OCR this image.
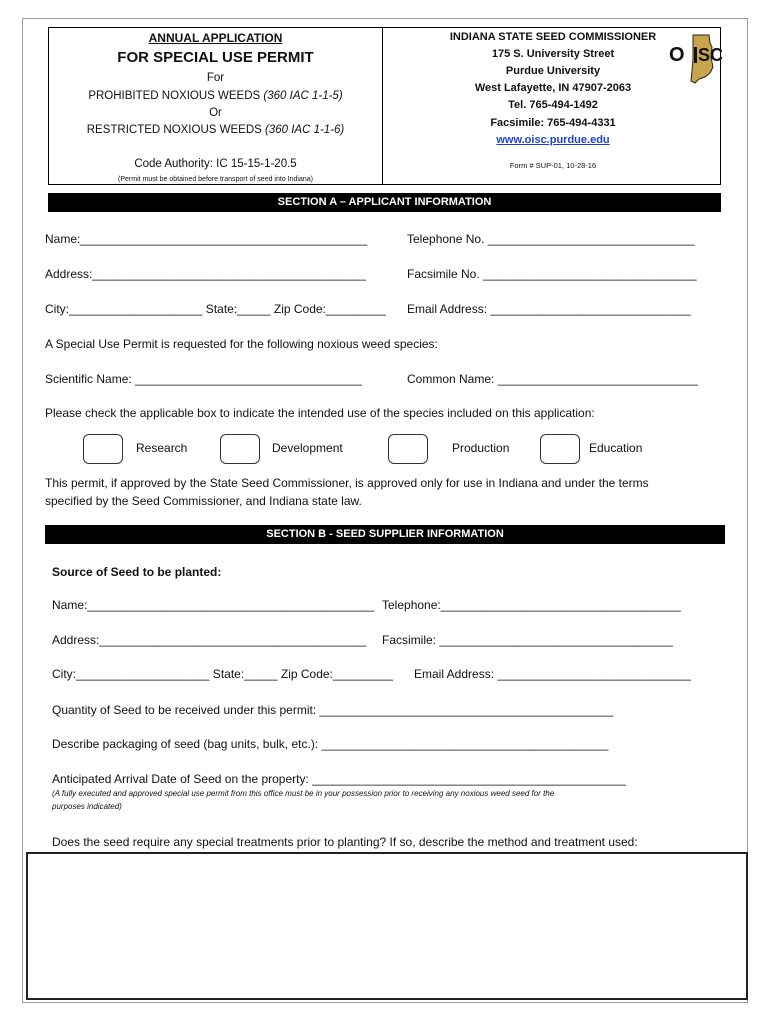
ANNUAL APPLICATION
FOR SPECIAL USE PERMIT
For
PROHIBITED NOXIOUS WEEDS (360 IAC 1-1-5)
Or
RESTRICTED NOXIOUS WEEDS (360 IAC 1-1-6)
Code Authority: IC 15-15-1-20.5
(Permit must be obtained before transport of seed into Indiana)
INDIANA STATE SEED COMMISSIONER
175 S. University Street
Purdue University
West Lafayette, IN 47907-2063
Tel. 765-494-1492
Facsimile: 765-494-4331
www.oisc.purdue.edu
Form # SUP-01, 10-28-16
O SC
SECTION A – APPLICANT INFORMATION
Name:___________________________________________	Telephone No. _______________________________
Address:_________________________________________	Facsimile No. ________________________________
City:____________________ State:_____ Zip Code:_________ Email Address: ______________________________
A Special Use Permit is requested for the following noxious weed species:
Scientific Name: __________________________________	Common Name: ______________________________
Please check the applicable box to indicate the intended use of the species included on this application:
Research	Development	Production	Education
This permit, if approved by the State Seed Commissioner, is approved only for use in Indiana and under the terms
specified by the Seed Commissioner, and Indiana state law.
SECTION B - SEED SUPPLIER INFORMATION
Source of Seed to be planted:
Name:___________________________________________ Telephone:____________________________________
Address:________________________________________ Facsimile: ___________________________________
City:____________________ State:_____ Zip Code:_________ Email Address: _____________________________
Quantity of Seed to be received under this permit: ____________________________________________
Describe packaging of seed (bag units, bulk, etc.): ___________________________________________
Anticipated Arrival Date of Seed on the property: _______________________________________________
(A fully executed and approved special use permit from this office must be in your possession prior to receiving any noxious weed seed for the
purposes indicated)
Does the seed require any special treatments prior to planting? If so, describe the method and treatment used:
